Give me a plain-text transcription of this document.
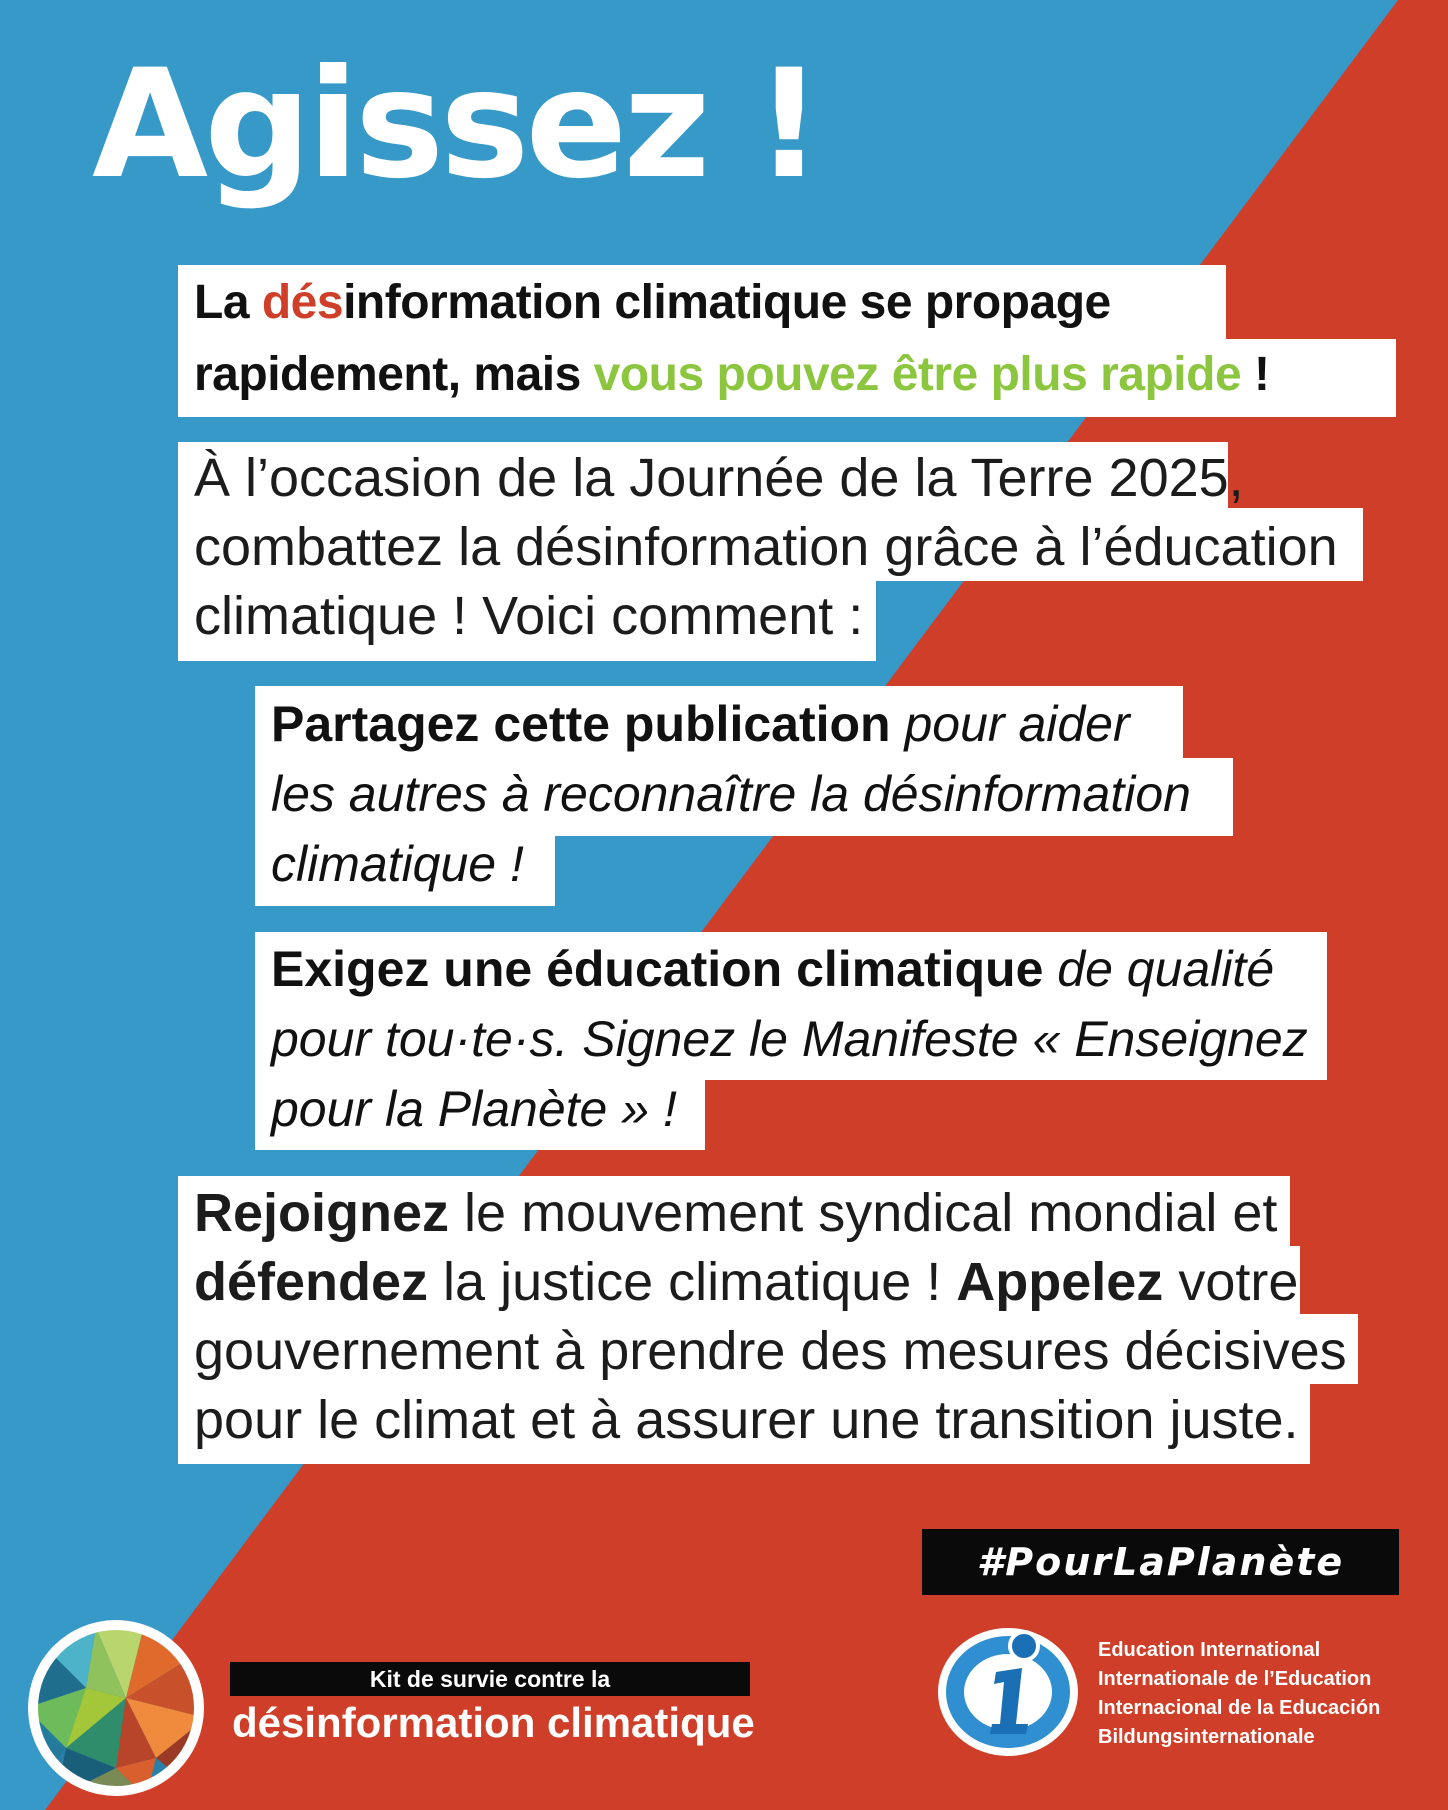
Agissez !

La désinformation climatique se propage

rapidement, mais vous pouvez être plus rapide !

À l’occasion de la Journée de la Terre 2025,

combattez la désinformation grâce à l’éducation

climatique ! Voici comment :

Partagez cette publication pour aider

les autres à reconnaître la désinformation

climatique !

Exigez une éducation climatique de qualité

pour tou·te·s. Signez le Manifeste « Enseignez

pour la Planète » !

Rejoignez le mouvement syndical mondial et

défendez la justice climatique ! Appelez votre

gouvernement à prendre des mesures décisives

pour le climat et à assurer une transition juste.

#PourLaPlanète
Kit de survie contre la
désinformation climatique
Education International
Internationale de l’Education
Internacional de la Educación
Bildungsinternationale
